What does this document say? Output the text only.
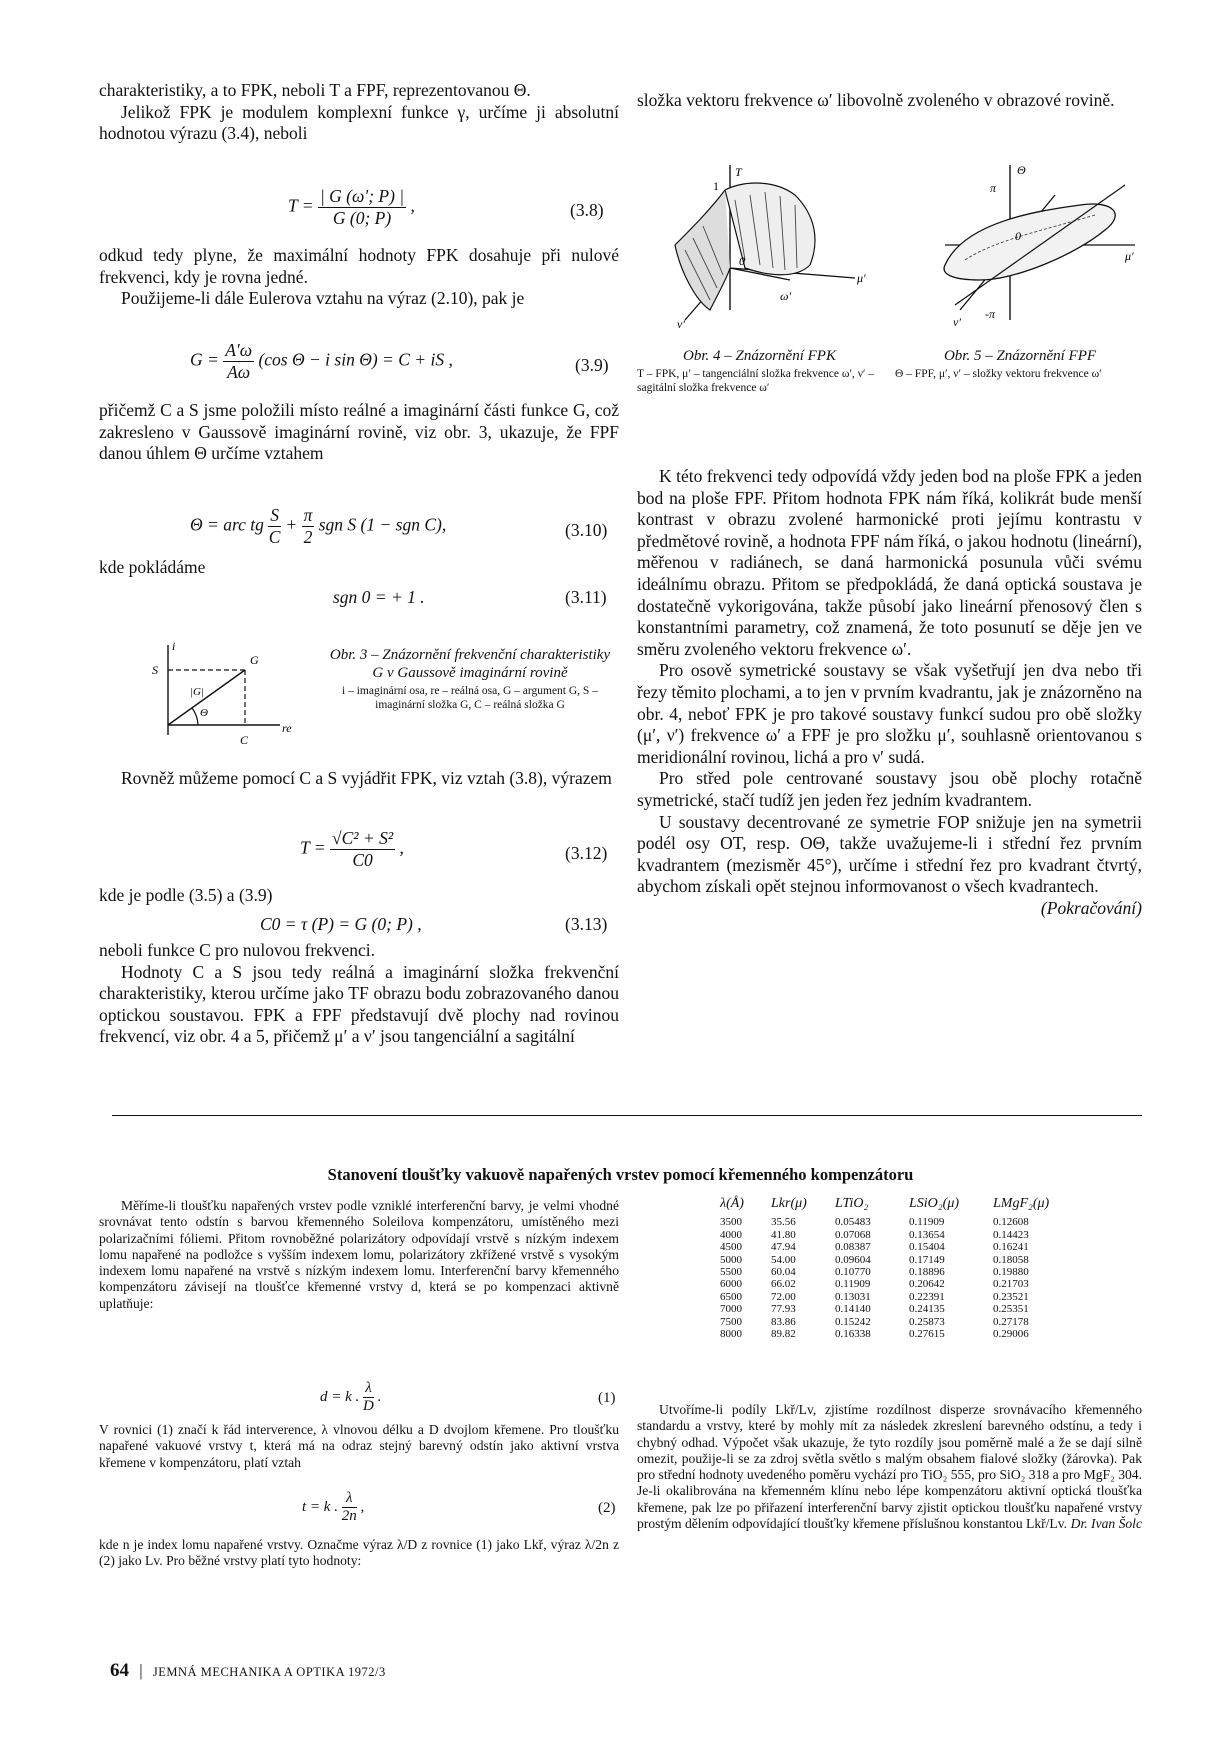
charakteristiky, a to FPK, neboli T a FPF, reprezentovanou Θ.

Jelikož FPK je modulem komplexní funkce γ, určíme ji absolutní hodnotou výrazu (3.4), neboli

$T = \frac{| G (\omega'; P) |}{G (0; P)}$ ,	(3.8)

odkud tedy plyne, že maximální hodnoty FPK dosahuje při nulové frekvenci, kdy je rovna jedné.

Použijeme-li dále Eulerova vztahu na výraz (2.10), pak je

$G = \frac{A'\omega}{A\omega} (\cos$ Θ − i sin Θ) = C + iS ,	(3.9)

přičemž C a S jsme položili místo reálné a imaginární části funkce G, což zakresleno v Gaussově imaginární rovině, viz obr. 3, ukazuje, že FPF danou úhlem Θ určíme vztahem

Θ = arc tg $\frac{S}{C} + \frac{\pi}{2}$ sgn S (1 − sgn C),	(3.10)

kde pokládáme

sgn 0 = + 1 .	(3.11)
i
S
G
|G|
Θ
C
re
Obr. 3 – Znázornění frekvenční charakteristiky G v Gaussově imaginární rovině
i – imaginární osa, re – reálná osa, G – argument G, S – imaginární složka G, C – reálná složka G

Rovněž můžeme pomocí C a S vyjádřit FPK, viz vztah (3.8), výrazem

$T = \frac{\text{√C² + S²}}{C0}$ ,	(3.12)

kde je podle (3.5) a (3.9)

C0 = τ (P) = G (0; P) ,	(3.13)

neboli funkce C pro nulovou frekvenci.

Hodnoty C a S jsou tedy reálná a imaginární složka frekvenční charakteristiky, kterou určíme jako TF obrazu bodu zobrazovaného danou optickou soustavou. FPK a FPF představují dvě plochy nad rovinou frekvencí, viz obr. 4 a 5, přičemž μ′ a ν′ jsou tangenciální a sagitální

složka vektoru frekvence ω′ libovolně zvoleného v obrazové rovině.

T
1
0
μ′
ν′
ω′
Θ
π
0
μ′
ν′
-π
Obr. 4 – Znázornění FPK
T – FPK, μ′ – tangenciální složka frekvence ω′, ν′ – sagitální složka frekvence ω′
Obr. 5 – Znázornění FPF
Θ – FPF, μ′, ν′ – složky vektoru frekvence ω′

K této frekvenci tedy odpovídá vždy jeden bod na ploše FPK a jeden bod na ploše FPF. Přitom hodnota FPK nám říká, kolikrát bude menší kontrast v obrazu zvolené harmonické proti jejímu kontrastu v předmětové rovině, a hodnota FPF nám říká, o jakou hodnotu (lineární), měřenou v radiánech, se daná harmonická posunula vůči svému ideálnímu obrazu. Přitom se předpokládá, že daná optická soustava je dostatečně vykorigována, takže působí jako lineární přenosový člen s konstantními parametry, což znamená, že toto posunutí se děje jen ve směru zvoleného vektoru frekvence ω′.

Pro osově symetrické soustavy se však vyšetřují jen dva nebo tři řezy těmito plochami, a to jen v prvním kvadrantu, jak je znázorněno na obr. 4, neboť FPK je pro takové soustavy funkcí sudou pro obě složky (μ′, ν′) frekvence ω′ a FPF je pro složku μ′, souhlasně orientovanou s meridionální rovinou, lichá a pro ν′ sudá.

Pro střed pole centrované soustavy jsou obě plochy rotačně symetrické, stačí tudíž jen jeden řez jedním kvadrantem.

U soustavy decentrované ze symetrie FOP snižuje jen na symetrii podél osy OT, resp. OΘ, takže uvažujeme-li i střední řez prvním kvadrantem (mezisměr 45°), určíme i střední řez pro kvadrant čtvrtý, abychom získali opět stejnou informovanost o všech kvadrantech.

(Pokračování)

Stanovení tloušťky vakuově napařených vrstev pomocí křemenného kompenzátoru

Měříme-li tloušťku napařených vrstev podle vzniklé interferenční barvy, je velmi vhodné srovnávat tento odstín s barvou křemenného Soleilova kompenzátoru, umístěného mezi polarizačními fóliemi. Přitom rovnoběžné polarizátory odpovídají vrstvě s nízkým indexem lomu napařené na podložce s vyšším indexem lomu, polarizátory zkřížené vrstvě s vysokým indexem lomu napařené na vrstvě s nízkým indexem lomu. Interferenční barvy křemenného kompenzátoru závisejí na tloušťce křemenné vrstvy d, která se po kompenzaci aktivně uplatňuje:

d = k . $\frac{\lambda}{D}$ .	(1)

V rovnici (1) značí k řád interverence, λ vlnovou délku a D dvojlom křemene. Pro tloušťku napařené vakuové vrstvy t, která má na odraz stejný barevný odstín jako aktivní vrstva křemene v kompenzátoru, platí vztah

t = k . $\frac{\lambda}{2n}$ ,	(2)

kde n je index lomu napařené vrstvy. Označme výraz λ/D z rovnice (1) jako Lkř, výraz λ/2n z (2) jako Lv. Pro běžné vrstvy platí tyto hodnoty:

λ(Å)	Lkr(μ)	LTiO₂	LSiO₂(μ)	LMgF₂(μ)
3500	35.56	0.05483	0.11909	0.12608
4000	41.80	0.07068	0.13654	0.14423
4500	47.94	0.08387	0.15404	0.16241
5000	54.00	0.09604	0.17149	0.18058
5500	60.04	0.10770	0.18896	0.19880
6000	66.02	0.11909	0.20642	0.21703
6500	72.00	0.13031	0.22391	0.23521
7000	77.93	0.14140	0.24135	0.25351
7500	83.86	0.15242	0.25873	0.27178
8000	89.82	0.16338	0.27615	0.29006

Utvoříme-li podíly Lkř/Lv, zjistíme rozdílnost disperze srovnávacího křemenného standardu a vrstvy, které by mohly mít za následek zkreslení barevného odstínu, a tedy i chybný odhad. Výpočet však ukazuje, že tyto rozdíly jsou poměrně malé a že se dají silně omezit, použije-li se za zdroj světla světlo s malým obsahem fialové složky (žárovka). Pak pro střední hodnoty uvedeného poměru vychází pro TiO₂ 555, pro SiO₂ 318 a pro MgF₂ 304. Je-li okalibrována na křemenném klínu nebo lépe kompenzátoru aktivní optická tloušťka křemene, pak lze po přiřazení interferenční barvy zjistit optickou tloušťku napařené vrstvy prostým dělením odpovídající tloušťky křemene příslušnou konstantou Lkř/Lv. Dr. Ivan Šolc

64 | JEMNÁ MECHANIKA A OPTIKA 1972/3
